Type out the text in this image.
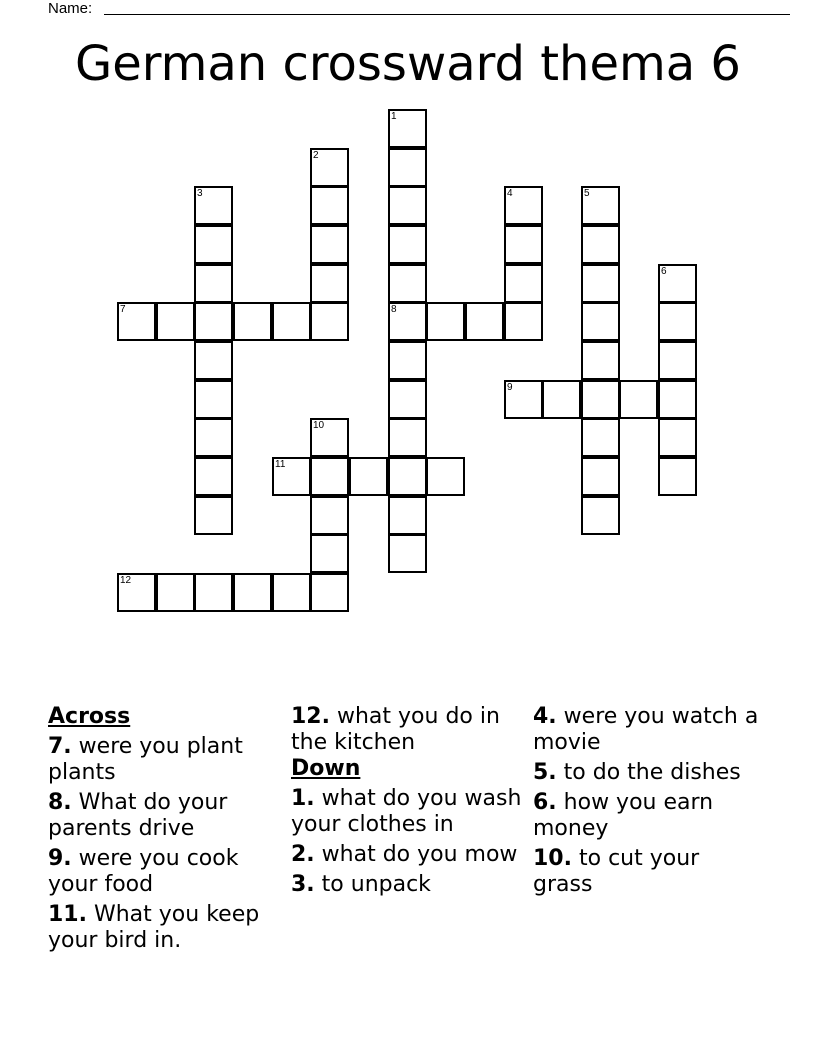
Name:
German crossward thema 6
1
8
2
3	4	5
6
7
9
10
11
12
Across
7. were you plant plants
8. What do your parents drive
9. were you cook your food
11. What you keep your bird in.
12. what you do in the kitchen
Down
1. what do you wash your clothes in
2. what do you mow
3. to unpack
4. were you watch a movie
5. to do the dishes
6. how you earn money
10. to cut your grass
